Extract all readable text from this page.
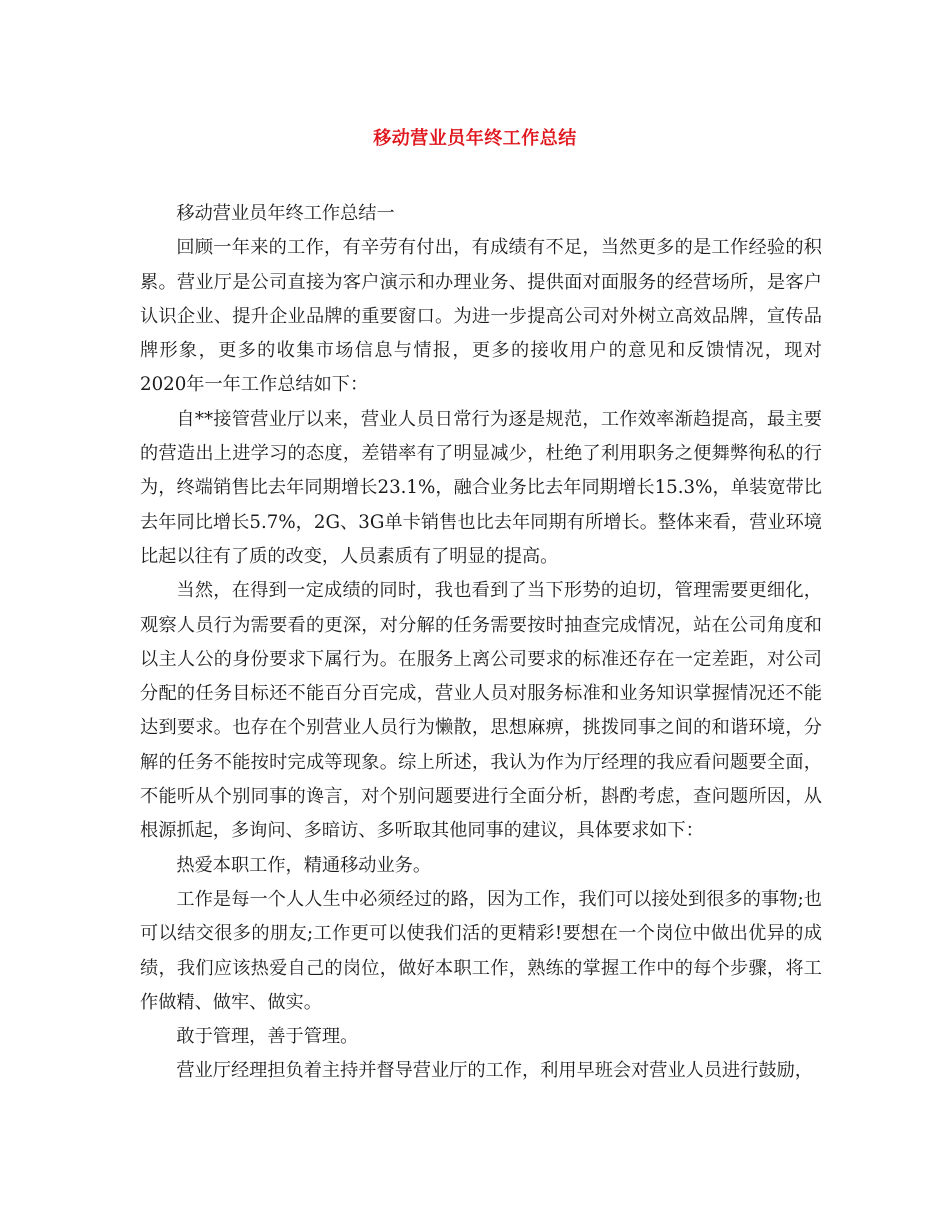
移动营业员年终工作总结

移动营业员年终工作总结一

回顾一年来的工作，有辛劳有付出，有成绩有不足，当然更多的是工作经验的积累。营业厅是公司直接为客户演示和办理业务、提供面对面服务的经营场所，是客户认识企业、提升企业品牌的重要窗口。为进一步提高公司对外树立高效品牌，宣传品牌形象，更多的收集市场信息与情报，更多的接收用户的意见和反馈情况，现对2020年一年工作总结如下：

自**接管营业厅以来，营业人员日常行为逐是规范，工作效率渐趋提高，最主要的营造出上进学习的态度，差错率有了明显减少，杜绝了利用职务之便舞弊徇私的行为，终端销售比去年同期增长23.1%，融合业务比去年同期增长15.3%，单装宽带比去年同比增长5.7%，2G、3G单卡销售也比去年同期有所增长。整体来看，营业环境比起以往有了质的改变，人员素质有了明显的提高。

当然，在得到一定成绩的同时，我也看到了当下形势的迫切，管理需要更细化，观察人员行为需要看的更深，对分解的任务需要按时抽查完成情况，站在公司角度和以主人公的身份要求下属行为。在服务上离公司要求的标准还存在一定差距，对公司分配的任务目标还不能百分百完成，营业人员对服务标准和业务知识掌握情况还不能达到要求。也存在个别营业人员行为懒散，思想麻痹，挑拨同事之间的和谐环境，分解的任务不能按时完成等现象。综上所述，我认为作为厅经理的我应看问题要全面，不能听从个别同事的谗言，对个别问题要进行全面分析，斟酌考虑，查问题所因，从根源抓起，多询问、多暗访、多听取其他同事的建议，具体要求如下：

热爱本职工作，精通移动业务。

工作是每一个人人生中必须经过的路，因为工作，我们可以接处到很多的事物;也可以结交很多的朋友;工作更可以使我们活的更精彩!要想在一个岗位中做出优异的成绩，我们应该热爱自己的岗位，做好本职工作，熟练的掌握工作中的每个步骤，将工作做精、做牢、做实。

敢于管理，善于管理。

营业厅经理担负着主持并督导营业厅的工作，利用早班会对营业人员进行鼓励，
